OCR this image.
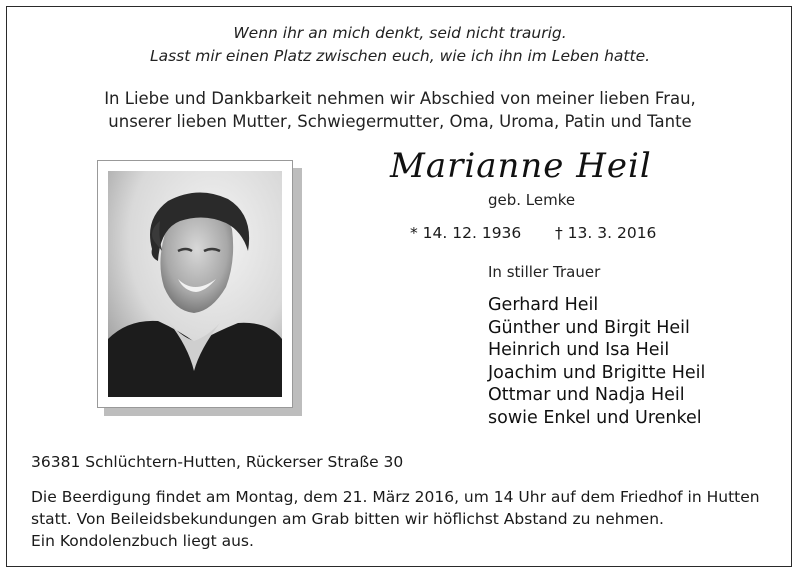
Wenn ihr an mich denkt, seid nicht traurig.
Lasst mir einen Platz zwischen euch, wie ich ihn im Leben hatte.
In Liebe und Dankbarkeit nehmen wir Abschied von meiner lieben Frau,
unserer lieben Mutter, Schwiegermutter, Oma, Uroma, Patin und Tante
Marianne Heil
geb. Lemke
* 14. 12. 1936 † 13. 3. 2016
In stiller Trauer
Gerhard Heil
Günther und Birgit Heil
Heinrich und Isa Heil
Joachim und Brigitte Heil
Ottmar und Nadja Heil
sowie Enkel und Urenkel
36381 Schlüchtern-Hutten, Rückerser Straße 30
Die Beerdigung findet am Montag, dem 21. März 2016, um 14 Uhr auf dem Friedhof in Hutten
statt. Von Beileidsbekundungen am Grab bitten wir höflichst Abstand zu nehmen.
Ein Kondolenzbuch liegt aus.
